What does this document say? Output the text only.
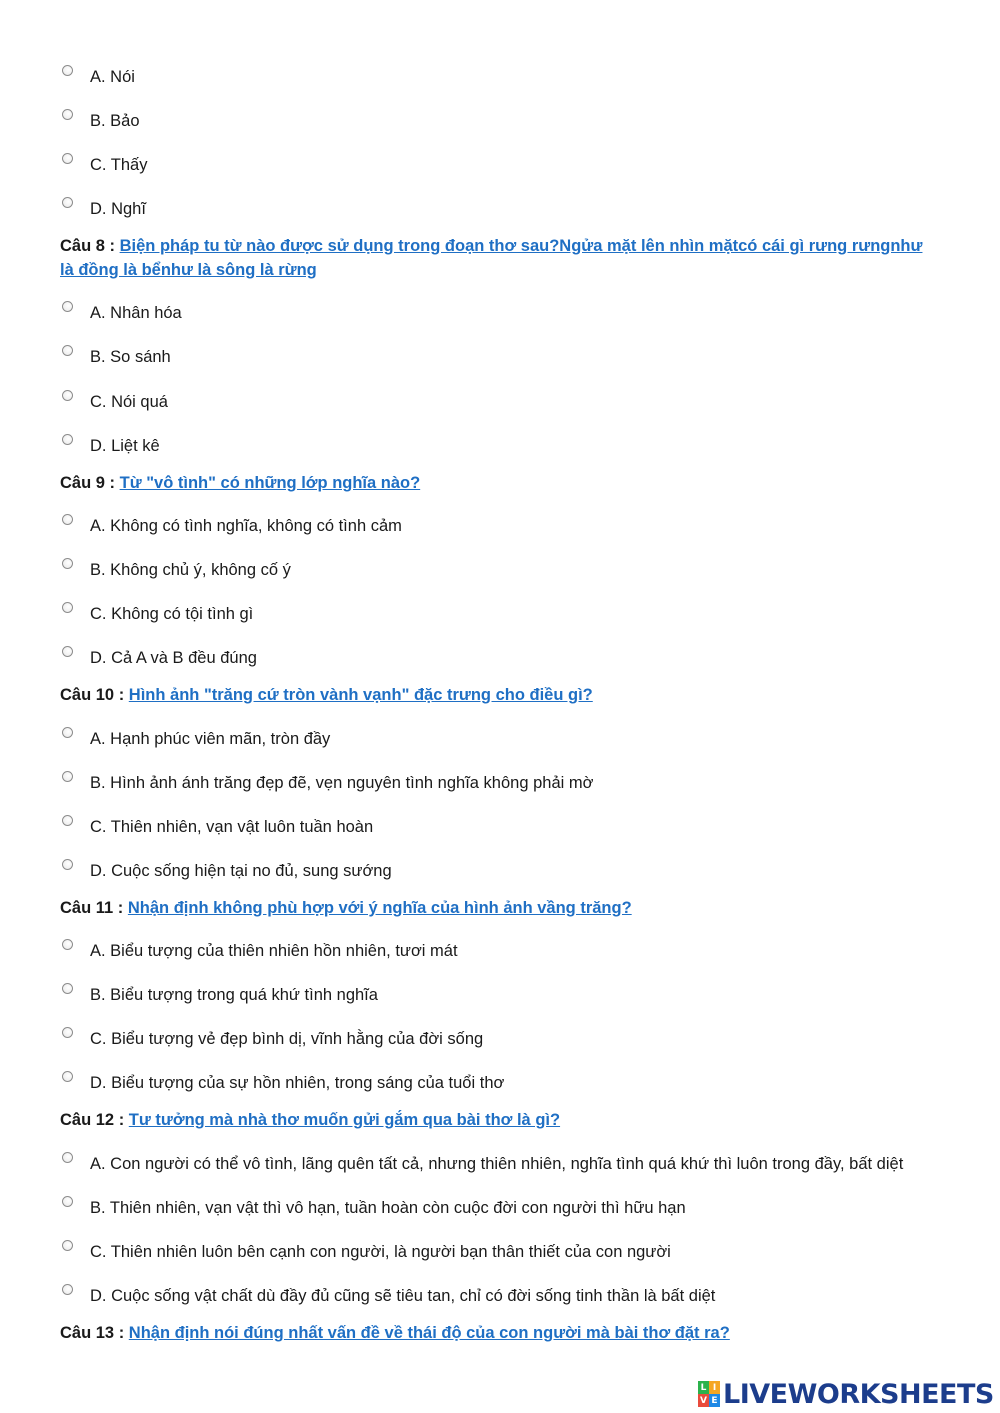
A. Nói
B. Bảo
C. Thấy
D. Nghĩ
Câu 8 : Biện pháp tu từ nào được sử dụng trong đoạn thơ sau?Ngửa mặt lên nhìn mặtcó cái gì rưng rưngnhư là đồng là bểnhư là sông là rừng
A. Nhân hóa
B. So sánh
C. Nói quá
D. Liệt kê
Câu 9 : Từ "vô tình" có những lớp nghĩa nào?
A. Không có tình nghĩa, không có tình cảm
B. Không chủ ý, không cố ý
C. Không có tội tình gì
D. Cả A và B đều đúng
Câu 10 : Hình ảnh "trăng cứ tròn vành vạnh" đặc trưng cho điều gì?
A. Hạnh phúc viên mãn, tròn đầy
B. Hình ảnh ánh trăng đẹp đẽ, vẹn nguyên tình nghĩa không phải mờ
C. Thiên nhiên, vạn vật luôn tuần hoàn
D. Cuộc sống hiện tại no đủ, sung sướng
Câu 11 : Nhận định không phù hợp với ý nghĩa của hình ảnh vầng trăng?
A. Biểu tượng của thiên nhiên hồn nhiên, tươi mát
B. Biểu tượng trong quá khứ tình nghĩa
C. Biểu tượng vẻ đẹp bình dị, vĩnh hằng của đời sống
D. Biểu tượng của sự hồn nhiên, trong sáng của tuổi thơ
Câu 12 : Tư tưởng mà nhà thơ muốn gửi gắm qua bài thơ là gì?
A. Con người có thể vô tình, lãng quên tất cả, nhưng thiên nhiên, nghĩa tình quá khứ thì luôn trong đầy, bất diệt
B. Thiên nhiên, vạn vật thì vô hạn, tuần hoàn còn cuộc đời con người thì hữu hạn
C. Thiên nhiên luôn bên cạnh con người, là người bạn thân thiết của con người
D. Cuộc sống vật chất dù đầy đủ cũng sẽ tiêu tan, chỉ có đời sống tinh thần là bất diệt
Câu 13 : Nhận định nói đúng nhất vấn đề về thái độ của con người mà bài thơ đặt ra?
L I
V E LIVEWORKSHEETS
